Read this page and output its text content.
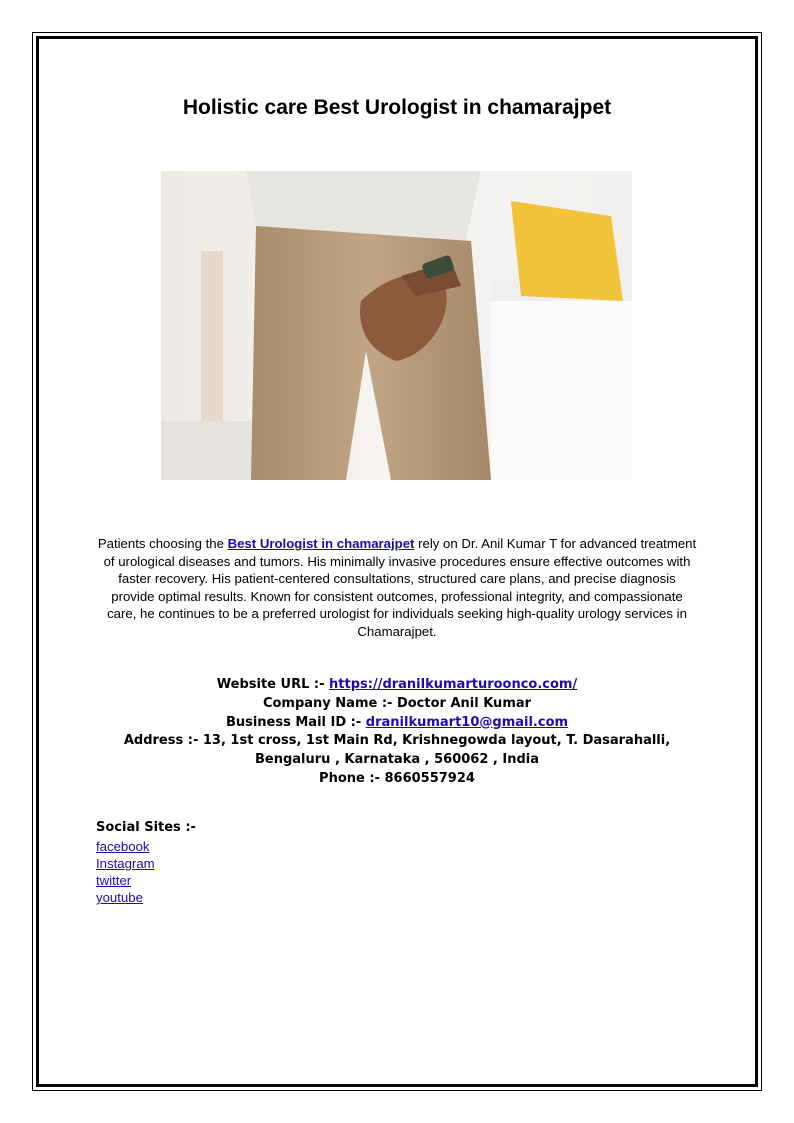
Holistic care Best Urologist in chamarajpet
Patients choosing the Best Urologist in chamarajpet rely on Dr. Anil Kumar T for advanced treatment of urological diseases and tumors. His minimally invasive procedures ensure effective outcomes with faster recovery. His patient-centered consultations, structured care plans, and precise diagnosis provide optimal results. Known for consistent outcomes, professional integrity, and compassionate care, he continues to be a preferred urologist for individuals seeking high-quality urology services in Chamarajpet.
Website URL :- https://dranilkumarturoonco.com/
Company Name :- Doctor Anil Kumar
Business Mail ID :- dranilkumart10@gmail.com
Address :- 13, 1st cross, 1st Main Rd, Krishnegowda layout, T. Dasarahalli,
Bengaluru , Karnataka , 560062 , India
Phone :- 8660557924
Social Sites :-
facebook
Instagram
twitter
youtube
